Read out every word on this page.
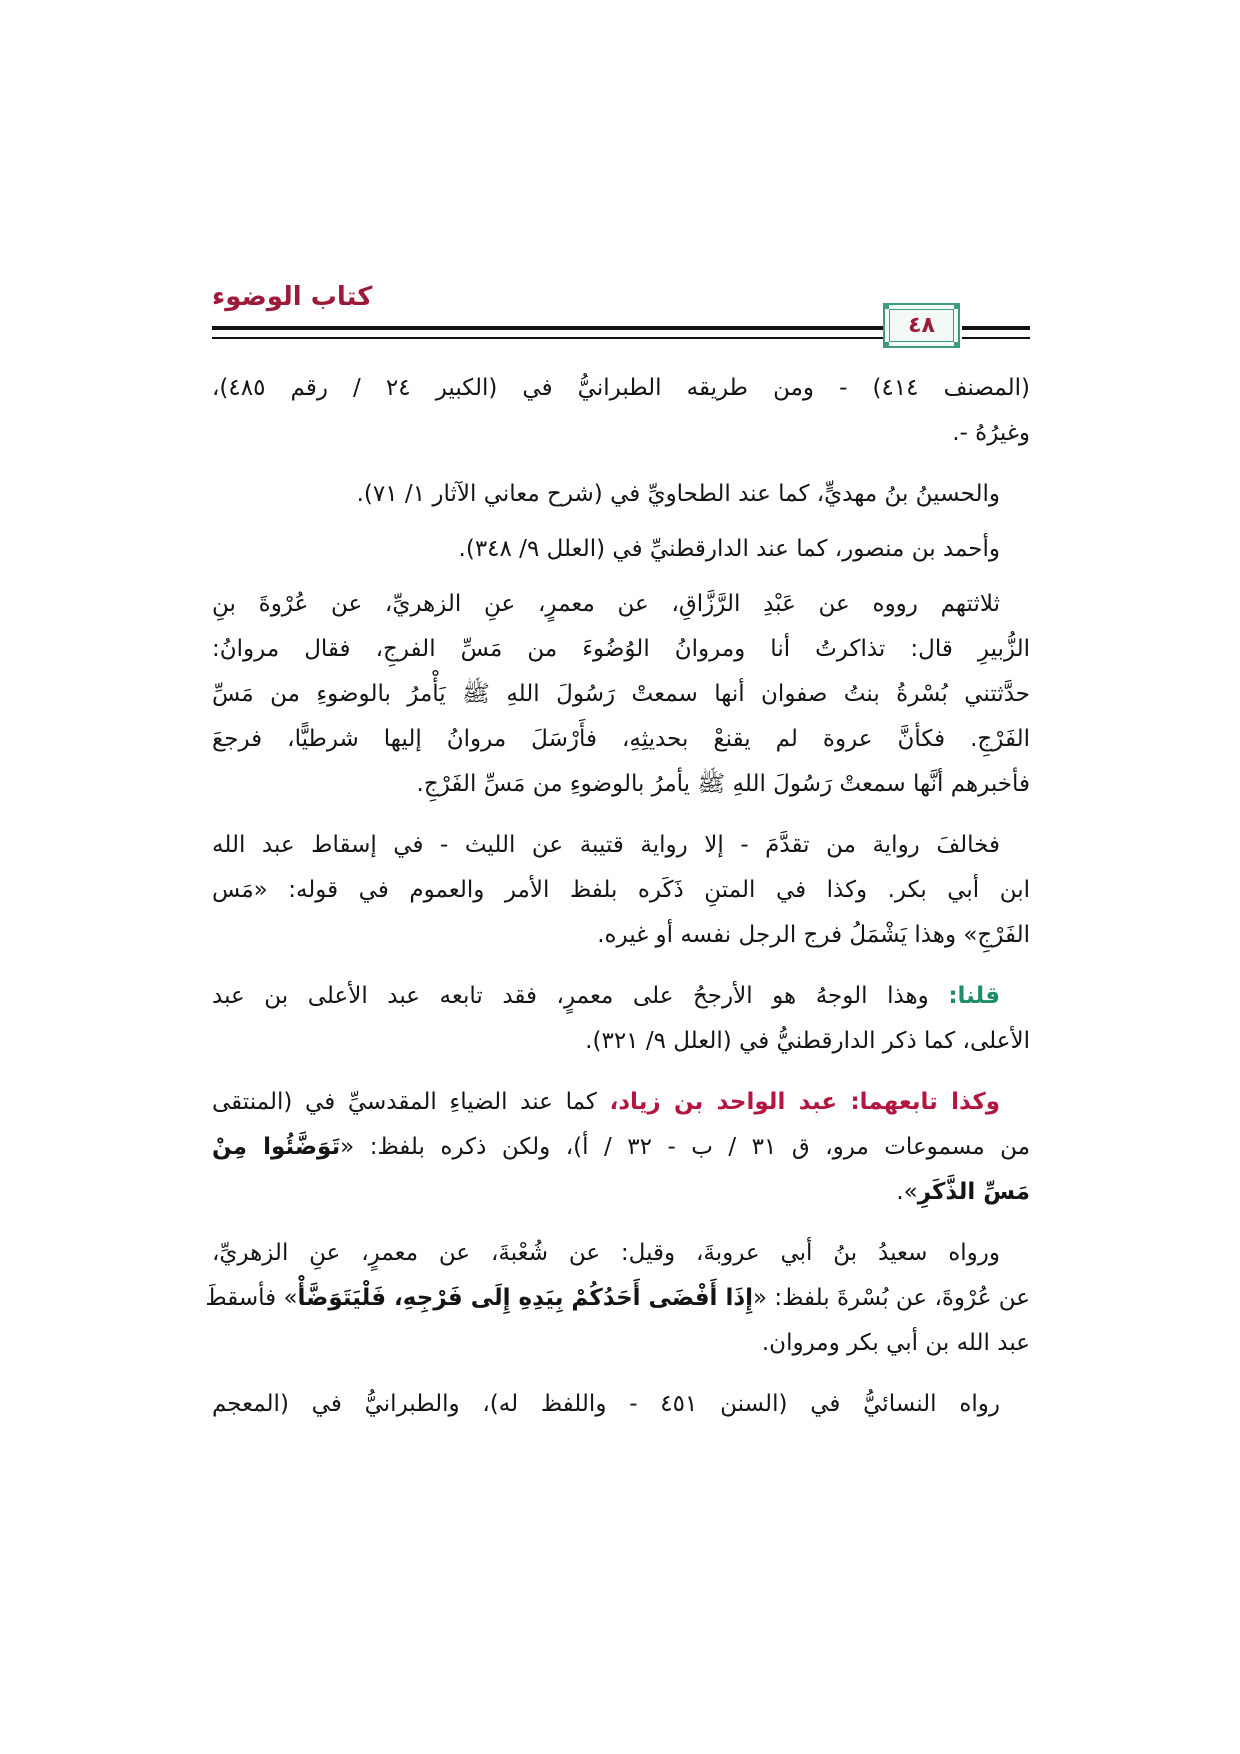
كتاب الوضوء
٤٨
(المصنف ٤١٤) - ومن طريقه الطبرانيُّ في (الكبير ٢٤ / رقم ٤٨٥)،
وغيرُهُ -.
والحسينُ بنُ مهديٍّ، كما عند الطحاويِّ في (شرح معاني الآثار ١/ ٧١).
وأحمد بن منصور، كما عند الدارقطنيِّ في (العلل ٩/ ٣٤٨).
ثلاثتهم رووه عن عَبْدِ الرَّزَّاقِ، عن معمرٍ، عنِ الزهريِّ، عن عُرْوةَ بنِ
الزُّبيرِ قال: تذاكرتُ أنا ومروانُ الوُضُوءَ من مَسِّ الفرجِ، فقال مروانُ:
حدَّثتني بُسْرةُ بنتُ صفوان أنها سمعتْ رَسُولَ اللهِ ﷺ يَأْمرُ بالوضوءِ من مَسِّ
الفَرْجِ. فكأنَّ عروة لم يقنعْ بحديثِهِ، فأَرْسَلَ مروانُ إليها شرطيًّا، فرجعَ
فأخبرهم أنَّها سمعتْ رَسُولَ اللهِ ﷺ يأمرُ بالوضوءِ من مَسِّ الفَرْجِ.
فخالفَ رواية من تقدَّمَ - إلا رواية قتيبة عن الليث - في إسقاط عبد الله
ابن أبي بكر. وكذا في المتنِ ذَكَره بلفظ الأمر والعموم في قوله: «مَس
الفَرْجِ» وهذا يَشْمَلُ فرج الرجل نفسه أو غيره.
قلنا: وهذا الوجهُ هو الأرجحُ على معمرٍ، فقد تابعه عبد الأعلى بن عبد
الأعلى، كما ذكر الدارقطنيُّ في (العلل ٩/ ٣٢١).
وكذا تابعهما: عبد الواحد بن زياد، كما عند الضياءِ المقدسيِّ في (المنتقى
من مسموعات مرو، ق ٣١ / ب - ٣٢ / أ)، ولكن ذكره بلفظ: «تَوَضَّئُوا مِنْ
مَسِّ الذَّكَرِ».
ورواه سعيدُ بنُ أبي عروبةَ، وقيل: عن شُعْبةَ، عن معمرٍ، عنِ الزهريِّ،
عن عُرْوةَ، عن بُسْرةَ بلفظ: «إِذَا أَفْضَى أَحَدُكُمْ بِيَدِهِ إِلَى فَرْجِهِ، فَلْيَتَوَضَّأْ» فأسقطَ
عبد الله بن أبي بكر ومروان.
رواه النسائيُّ في (السنن ٤٥١ - واللفظ له)، والطبرانيُّ في (المعجم
